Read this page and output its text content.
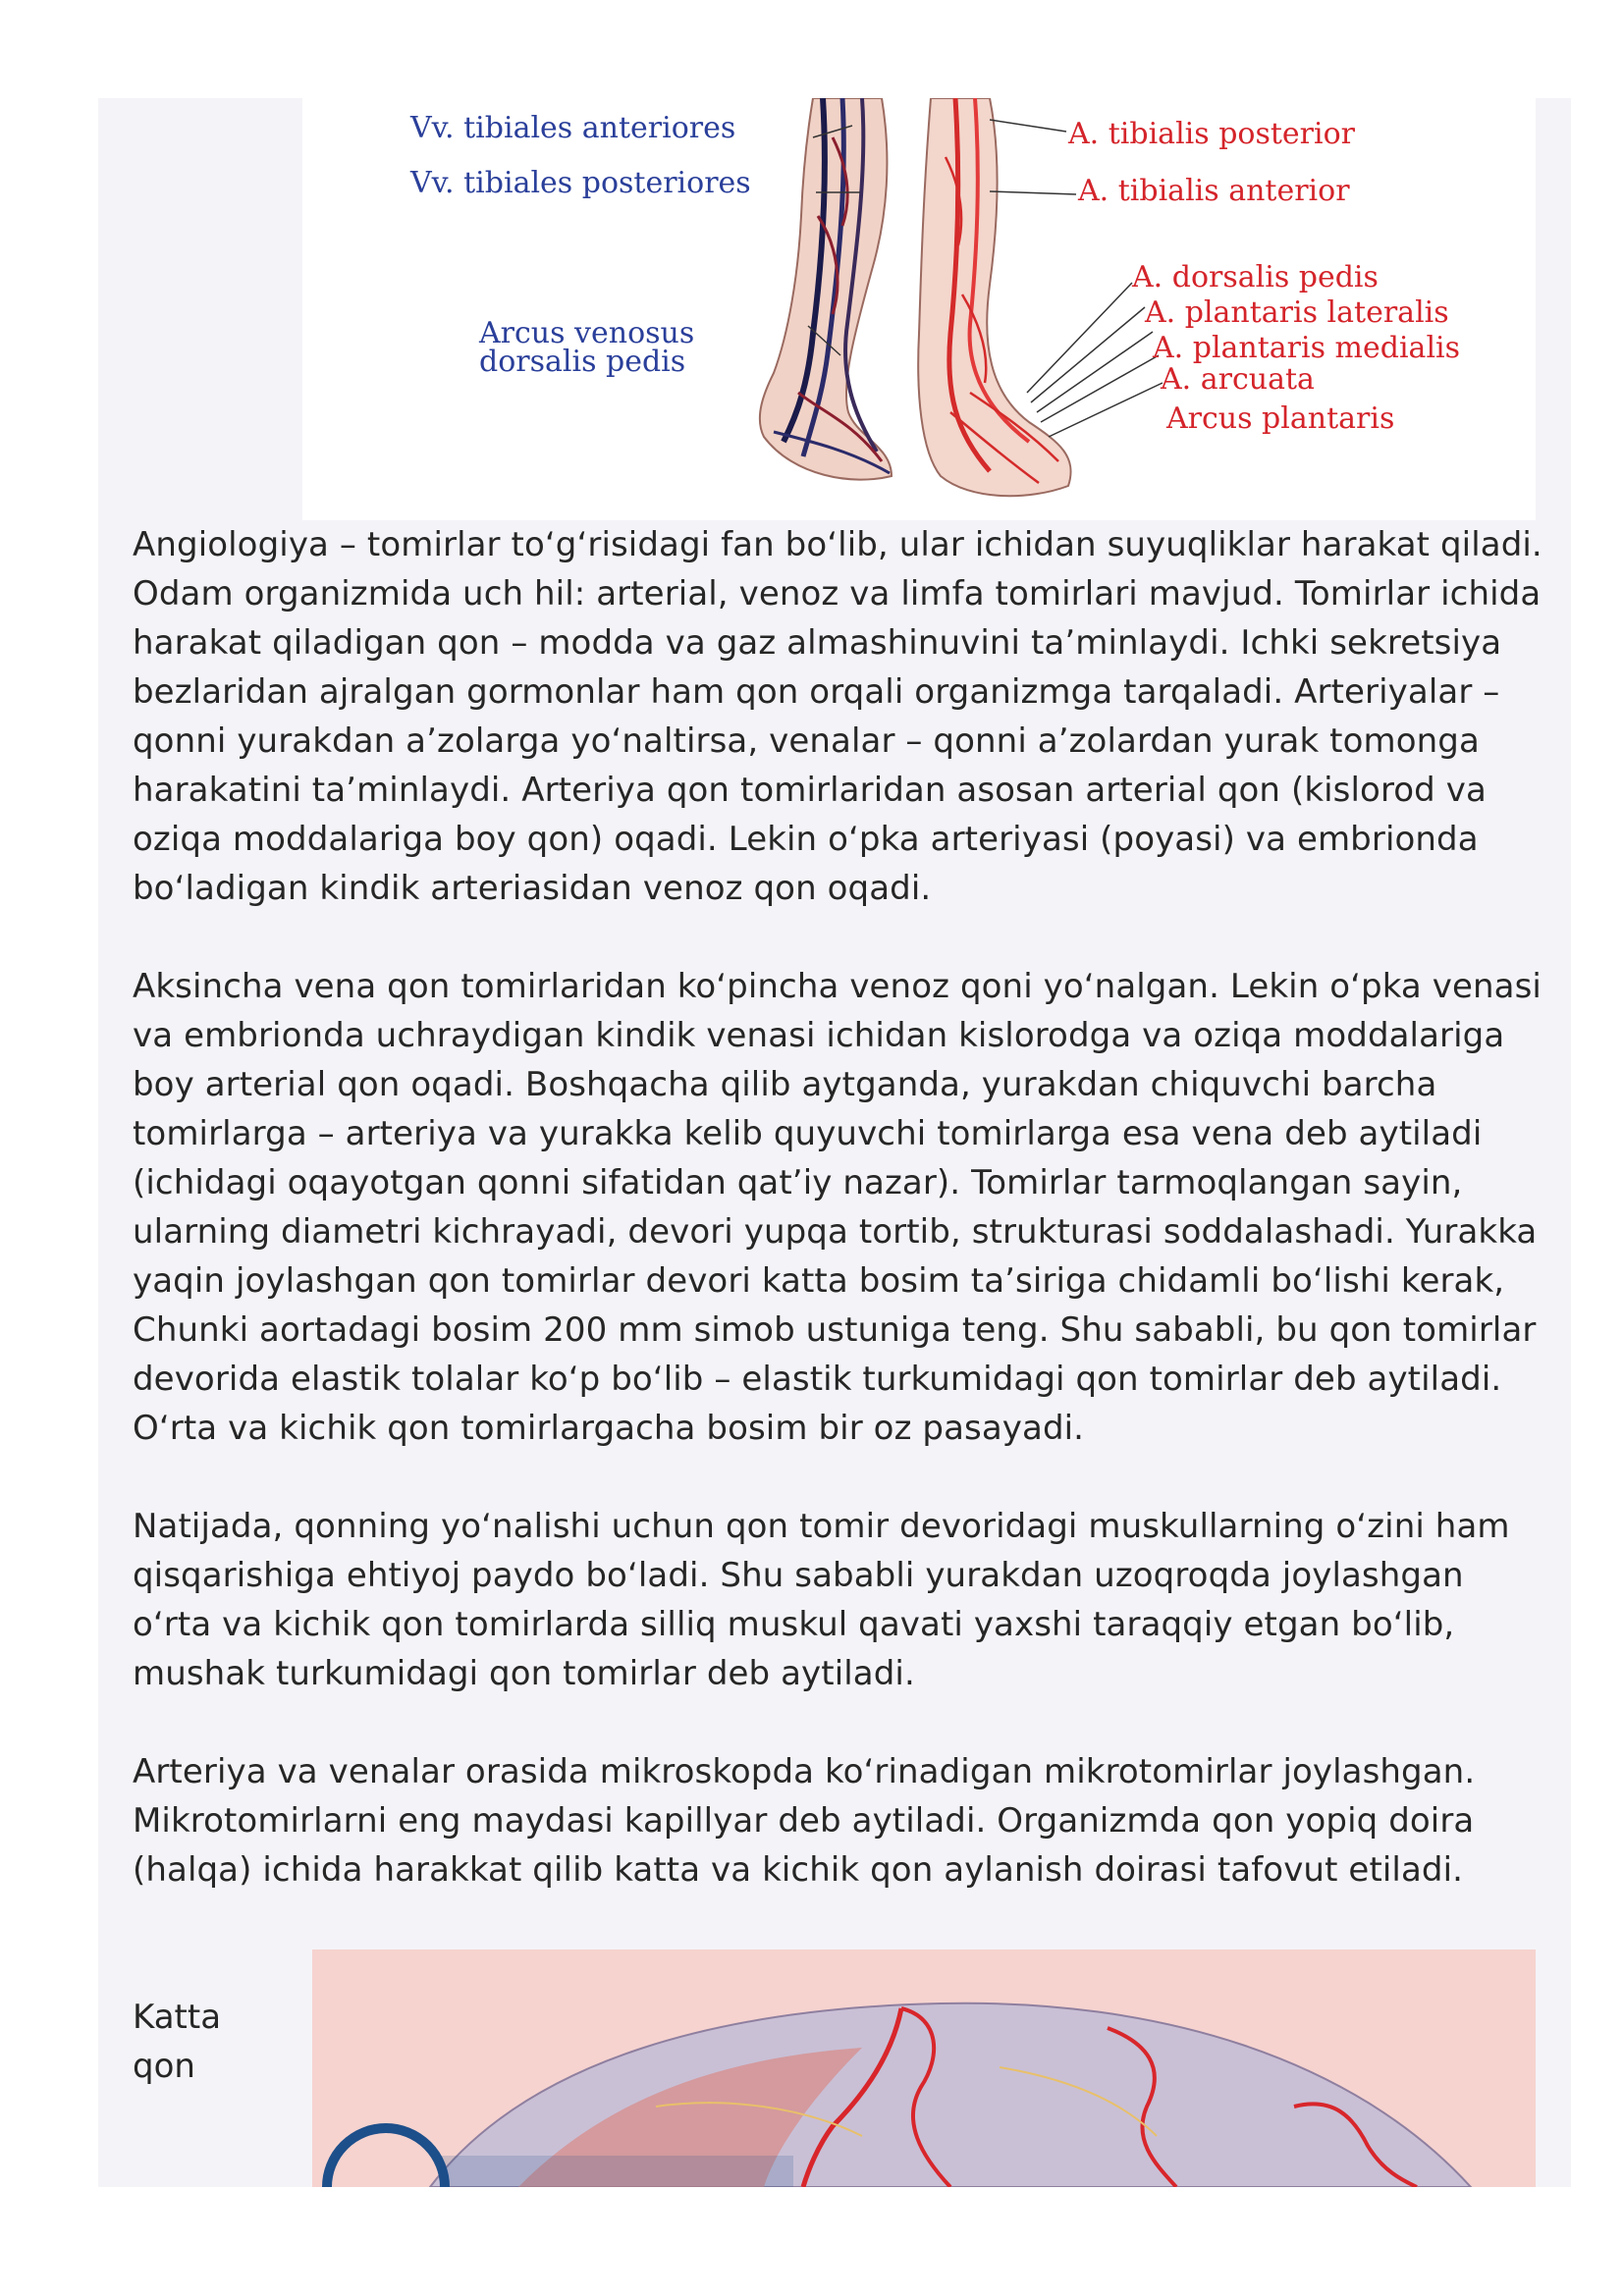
Vv. tibiales anteriores
Vv. tibiales posteriores
Arcus venosus
dorsalis pedis
A. tibialis posterior
A. tibialis anterior
A. dorsalis pedis
A. plantaris lateralis
A. plantaris medialis
A. arcuata
Arcus plantaris

Angiologiya – tomirlar to‘g‘risidagi fan bo‘lib, ular ichidan suyuqliklar harakat qiladi. Odam organizmida uch hil: arterial, venoz va limfa tomirlari mavjud. Tomirlar ichida harakat qiladigan qon – modda va gaz almashinuvini ta’minlaydi. Ichki sekretsiya bezlaridan ajralgan gormonlar ham qon orqali organizmga tarqaladi. Arteriyalar – qonni yurakdan a’zolarga yo‘naltirsa, venalar – qonni a’zolardan yurak tomonga harakatini ta’minlaydi. Arteriya qon tomirlaridan asosan arterial qon (kislorod va oziqa moddalariga boy qon) oqadi. Lekin o‘pka arteriyasi (poyasi) va embrionda bo‘ladigan kindik arteriasidan venoz qon oqadi.

Aksincha vena qon tomirlaridan ko‘pincha venoz qoni yo‘nalgan. Lekin o‘pka venasi va embrionda uchraydigan kindik venasi ichidan kislorodga va oziqa moddalariga boy arterial qon oqadi. Boshqacha qilib aytganda, yurakdan chiquvchi barcha tomirlarga – arteriya va yurakka kelib quyuvchi tomirlarga esa vena deb aytiladi (ichidagi oqayotgan qonni sifatidan qat’iy nazar). Tomirlar tarmoqlangan sayin, ularning diametri kichrayadi, devori yupqa tortib, strukturasi soddalashadi. Yurakka yaqin joylashgan qon tomirlar devori katta bosim ta’siriga chidamli bo‘lishi kerak, Chunki aortadagi bosim 200 mm simob ustuniga teng. Shu sababli, bu qon tomirlar devorida elastik tolalar ko‘p bo‘lib – elastik turkumidagi qon tomirlar deb aytiladi. O‘rta va kichik qon tomirlargacha bosim bir oz pasayadi.

Natijada, qonning yo‘nalishi uchun qon tomir devoridagi muskullarning o‘zini ham qisqarishiga ehtiyoj paydo bo‘ladi. Shu sababli yurakdan uzoqroqda joylashgan o‘rta va kichik qon tomirlarda silliq muskul qavati yaxshi taraqqiy etgan bo‘lib, mushak turkumidagi qon tomirlar deb aytiladi.

Arteriya va venalar orasida mikroskopda ko‘rinadigan mikrotomirlar joylashgan. Mikrotomirlarni eng maydasi kapillyar deb aytiladi. Organizmda qon yopiq doira (halqa) ichida harakkat qilib katta va kichik qon aylanish doirasi tafovut etiladi.

Katta
qon
